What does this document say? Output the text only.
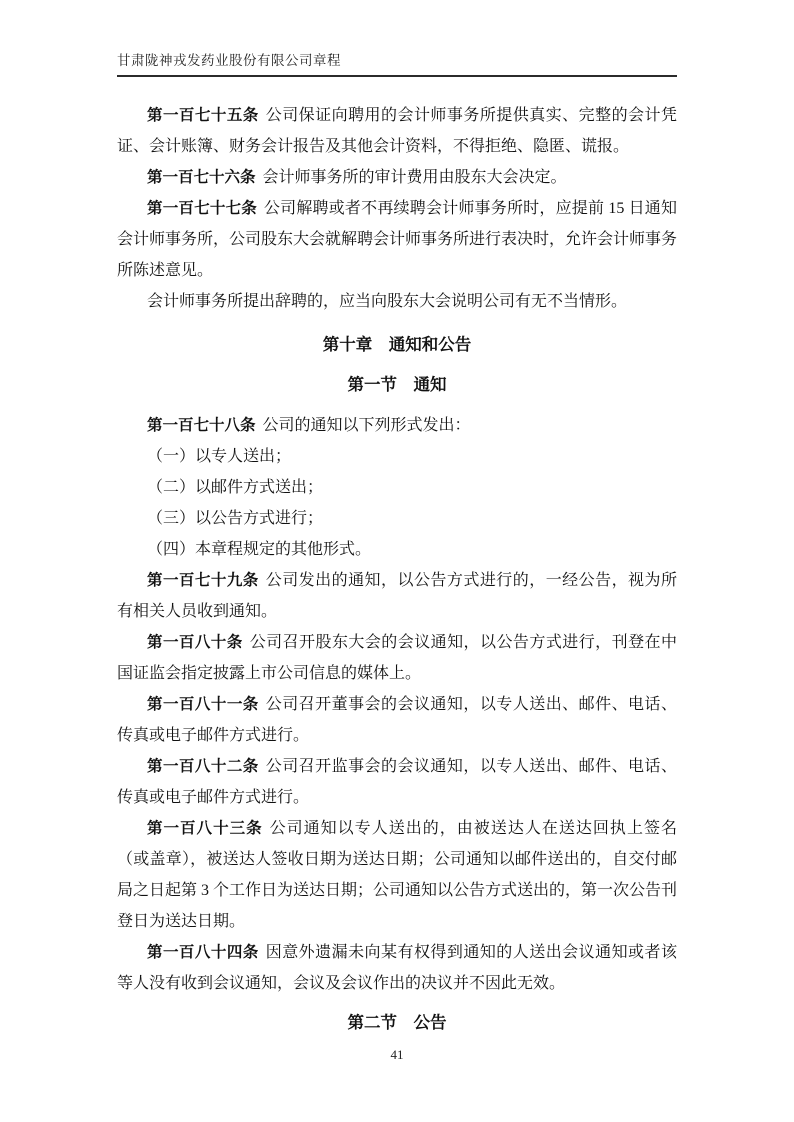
甘肃陇神戎发药业股份有限公司章程

第一百七十五条 公司保证向聘用的会计师事务所提供真实、完整的会计凭证、会计账簿、财务会计报告及其他会计资料，不得拒绝、隐匿、谎报。

第一百七十六条 会计师事务所的审计费用由股东大会决定。

第一百七十七条 公司解聘或者不再续聘会计师事务所时，应提前 15 日通知会计师事务所，公司股东大会就解聘会计师事务所进行表决时，允许会计师事务所陈述意见。

会计师事务所提出辞聘的，应当向股东大会说明公司有无不当情形。

第十章　通知和公告
第一节　通知

第一百七十八条 公司的通知以下列形式发出：

（一）以专人送出；

（二）以邮件方式送出；

（三）以公告方式进行；

（四）本章程规定的其他形式。

第一百七十九条 公司发出的通知，以公告方式进行的，一经公告，视为所有相关人员收到通知。

第一百八十条 公司召开股东大会的会议通知，以公告方式进行，刊登在中国证监会指定披露上市公司信息的媒体上。

第一百八十一条 公司召开董事会的会议通知，以专人送出、邮件、电话、传真或电子邮件方式进行。

第一百八十二条 公司召开监事会的会议通知，以专人送出、邮件、电话、传真或电子邮件方式进行。

第一百八十三条 公司通知以专人送出的，由被送达人在送达回执上签名（或盖章），被送达人签收日期为送达日期；公司通知以邮件送出的，自交付邮局之日起第 3 个工作日为送达日期；公司通知以公告方式送出的，第一次公告刊登日为送达日期。

第一百八十四条 因意外遗漏未向某有权得到通知的人送出会议通知或者该等人没有收到会议通知，会议及会议作出的决议并不因此无效。

第二节　公告
41
